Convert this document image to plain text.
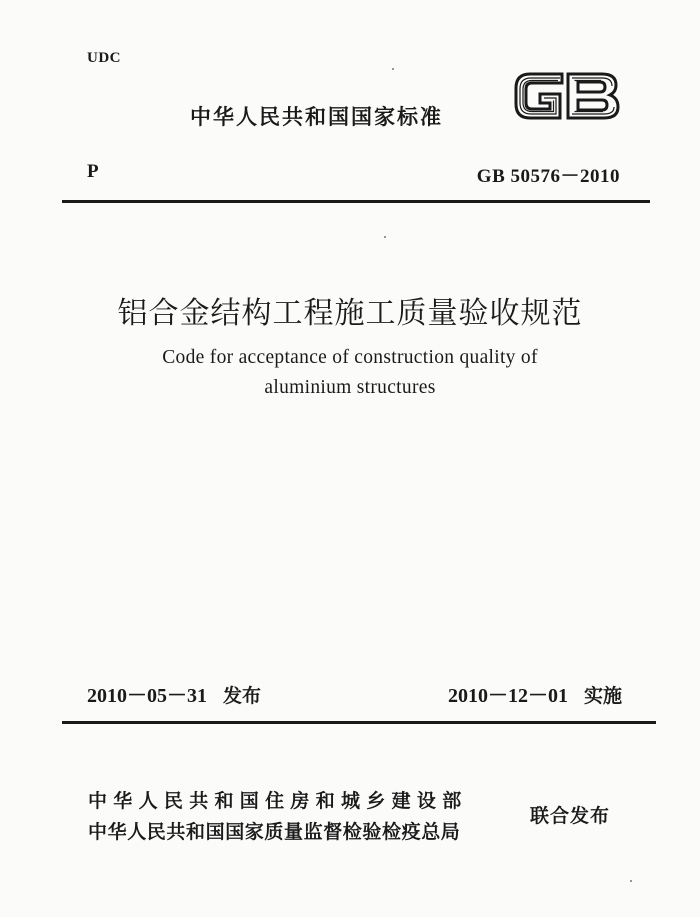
UDC
中华人民共和国国家标准
P	GB 50576－2010
铝合金结构工程施工质量验收规范
Code for acceptance of construction quality of
aluminium structures
2010－05－31 发布	2010－12－01 实施
中华人民共和国住房和城乡建设部
中华人民共和国国家质量监督检验检疫总局
联合发布
